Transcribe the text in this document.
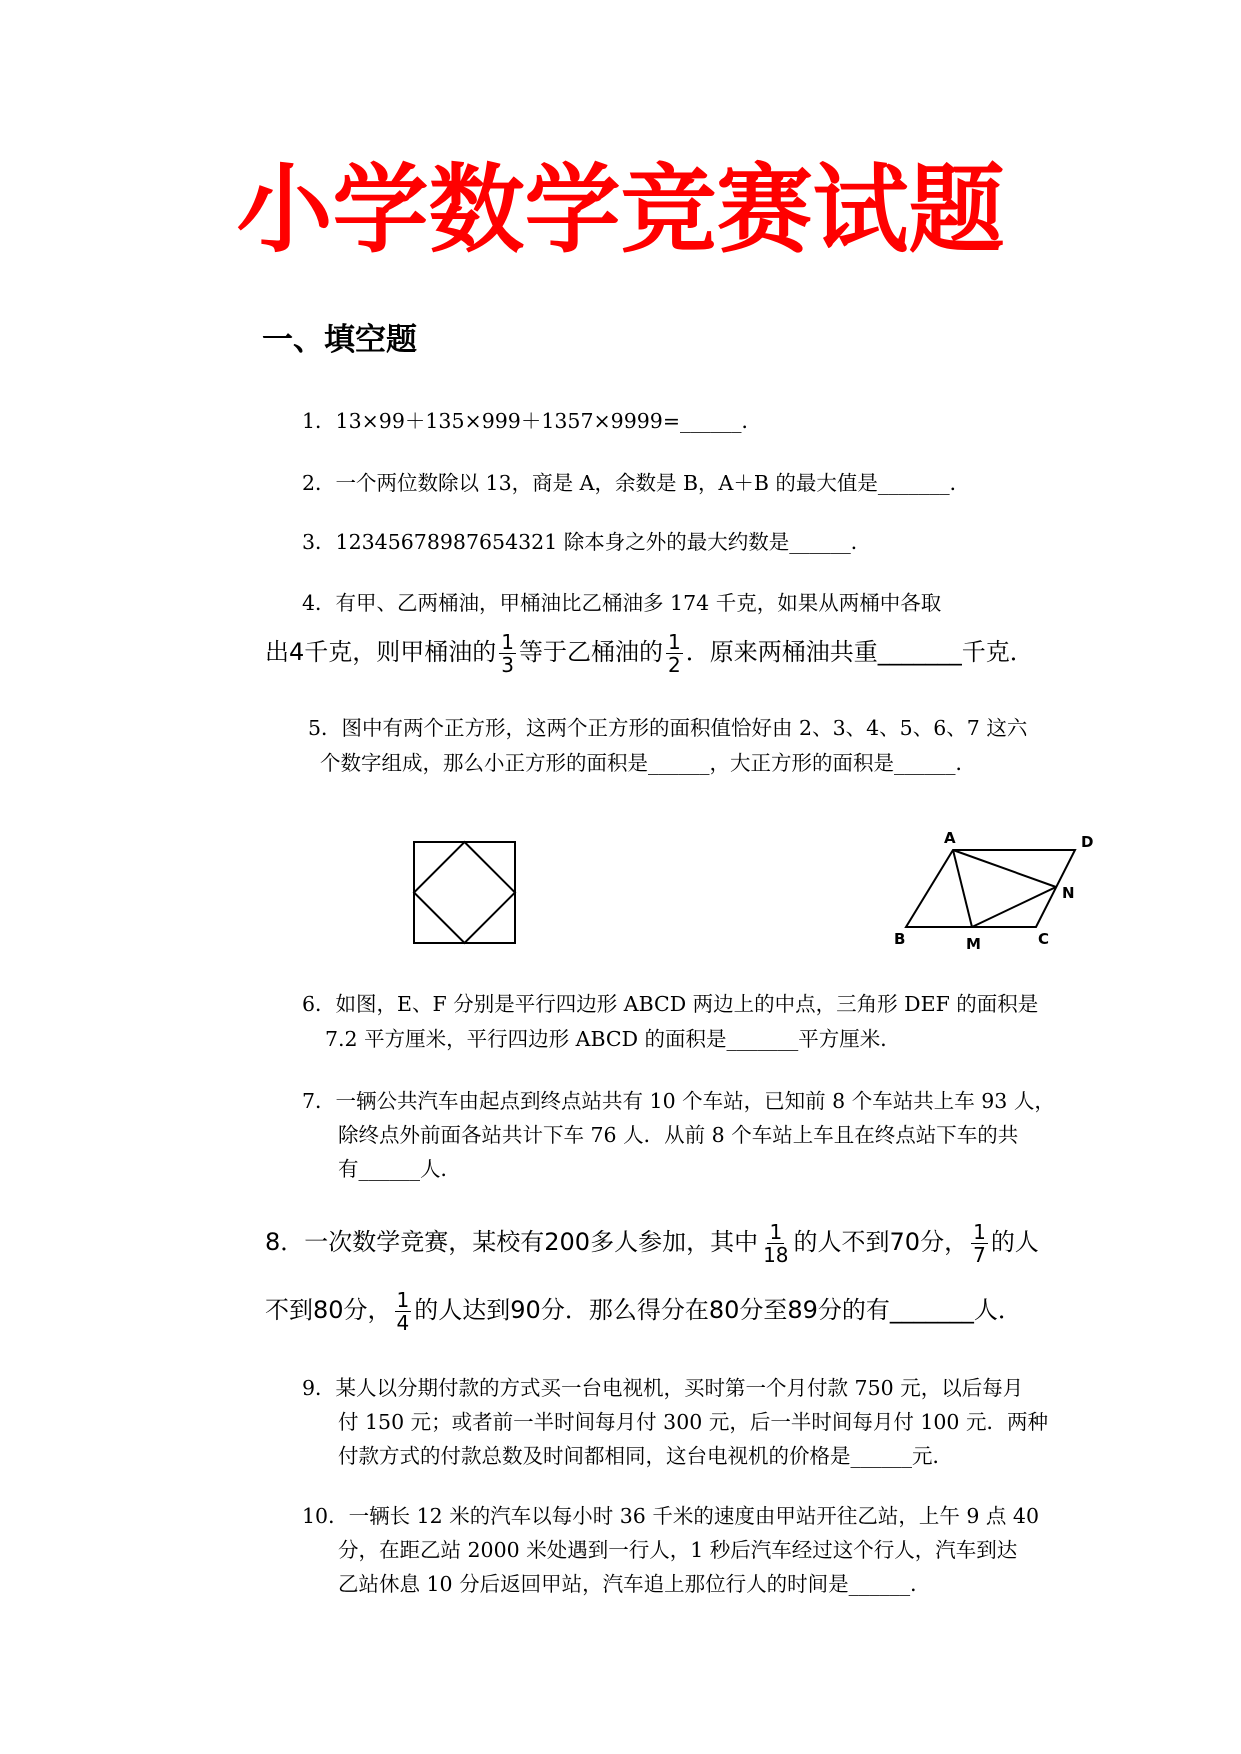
小学数学竞赛试题
一、填空题
1．13×99＋135×999＋1357×9999=______．
2．一个两位数除以 13，商是 A，余数是 B，A＋B 的最大值是_______．
3．12345678987654321 除本身之外的最大约数是______．
4．有甲、乙两桶油，甲桶油比乙桶油多 174 千克，如果从两桶中各取
出4千克，则甲桶油的 $\frac{1}{3}$ 等于乙桶油的 $\frac{1}{2}$ ．原来两桶油共重_______千克．
5．图中有两个正方形，这两个正方形的面积值恰好由 2、3、4、5、6、7 这六
个数字组成，那么小正方形的面积是______，大正方形的面积是______．
A	D
N
B	M	C
6．如图，E、F 分别是平行四边形 ABCD 两边上的中点，三角形 DEF 的面积是
7.2 平方厘米，平行四边形 ABCD 的面积是_______平方厘米．
7．一辆公共汽车由起点到终点站共有 10 个车站，已知前 8 个车站共上车 93 人，
除终点外前面各站共计下车 76 人．从前 8 个车站上车且在终点站下车的共
有______人．
8．一次数学竞赛，某校有200多人参加，其中 $\frac{1}{18}$ 的人不到70分， $\frac{1}{7}$ 的人
不到80分， $\frac{1}{4}$ 的人达到90分．那么得分在80分至89分的有_______人．
9．某人以分期付款的方式买一台电视机，买时第一个月付款 750 元，以后每月
付 150 元；或者前一半时间每月付 300 元，后一半时间每月付 100 元．两种
付款方式的付款总数及时间都相同，这台电视机的价格是______元．
10．一辆长 12 米的汽车以每小时 36 千米的速度由甲站开往乙站，上午 9 点 40
分，在距乙站 2000 米处遇到一行人，1 秒后汽车经过这个行人，汽车到达
乙站休息 10 分后返回甲站，汽车追上那位行人的时间是______．
